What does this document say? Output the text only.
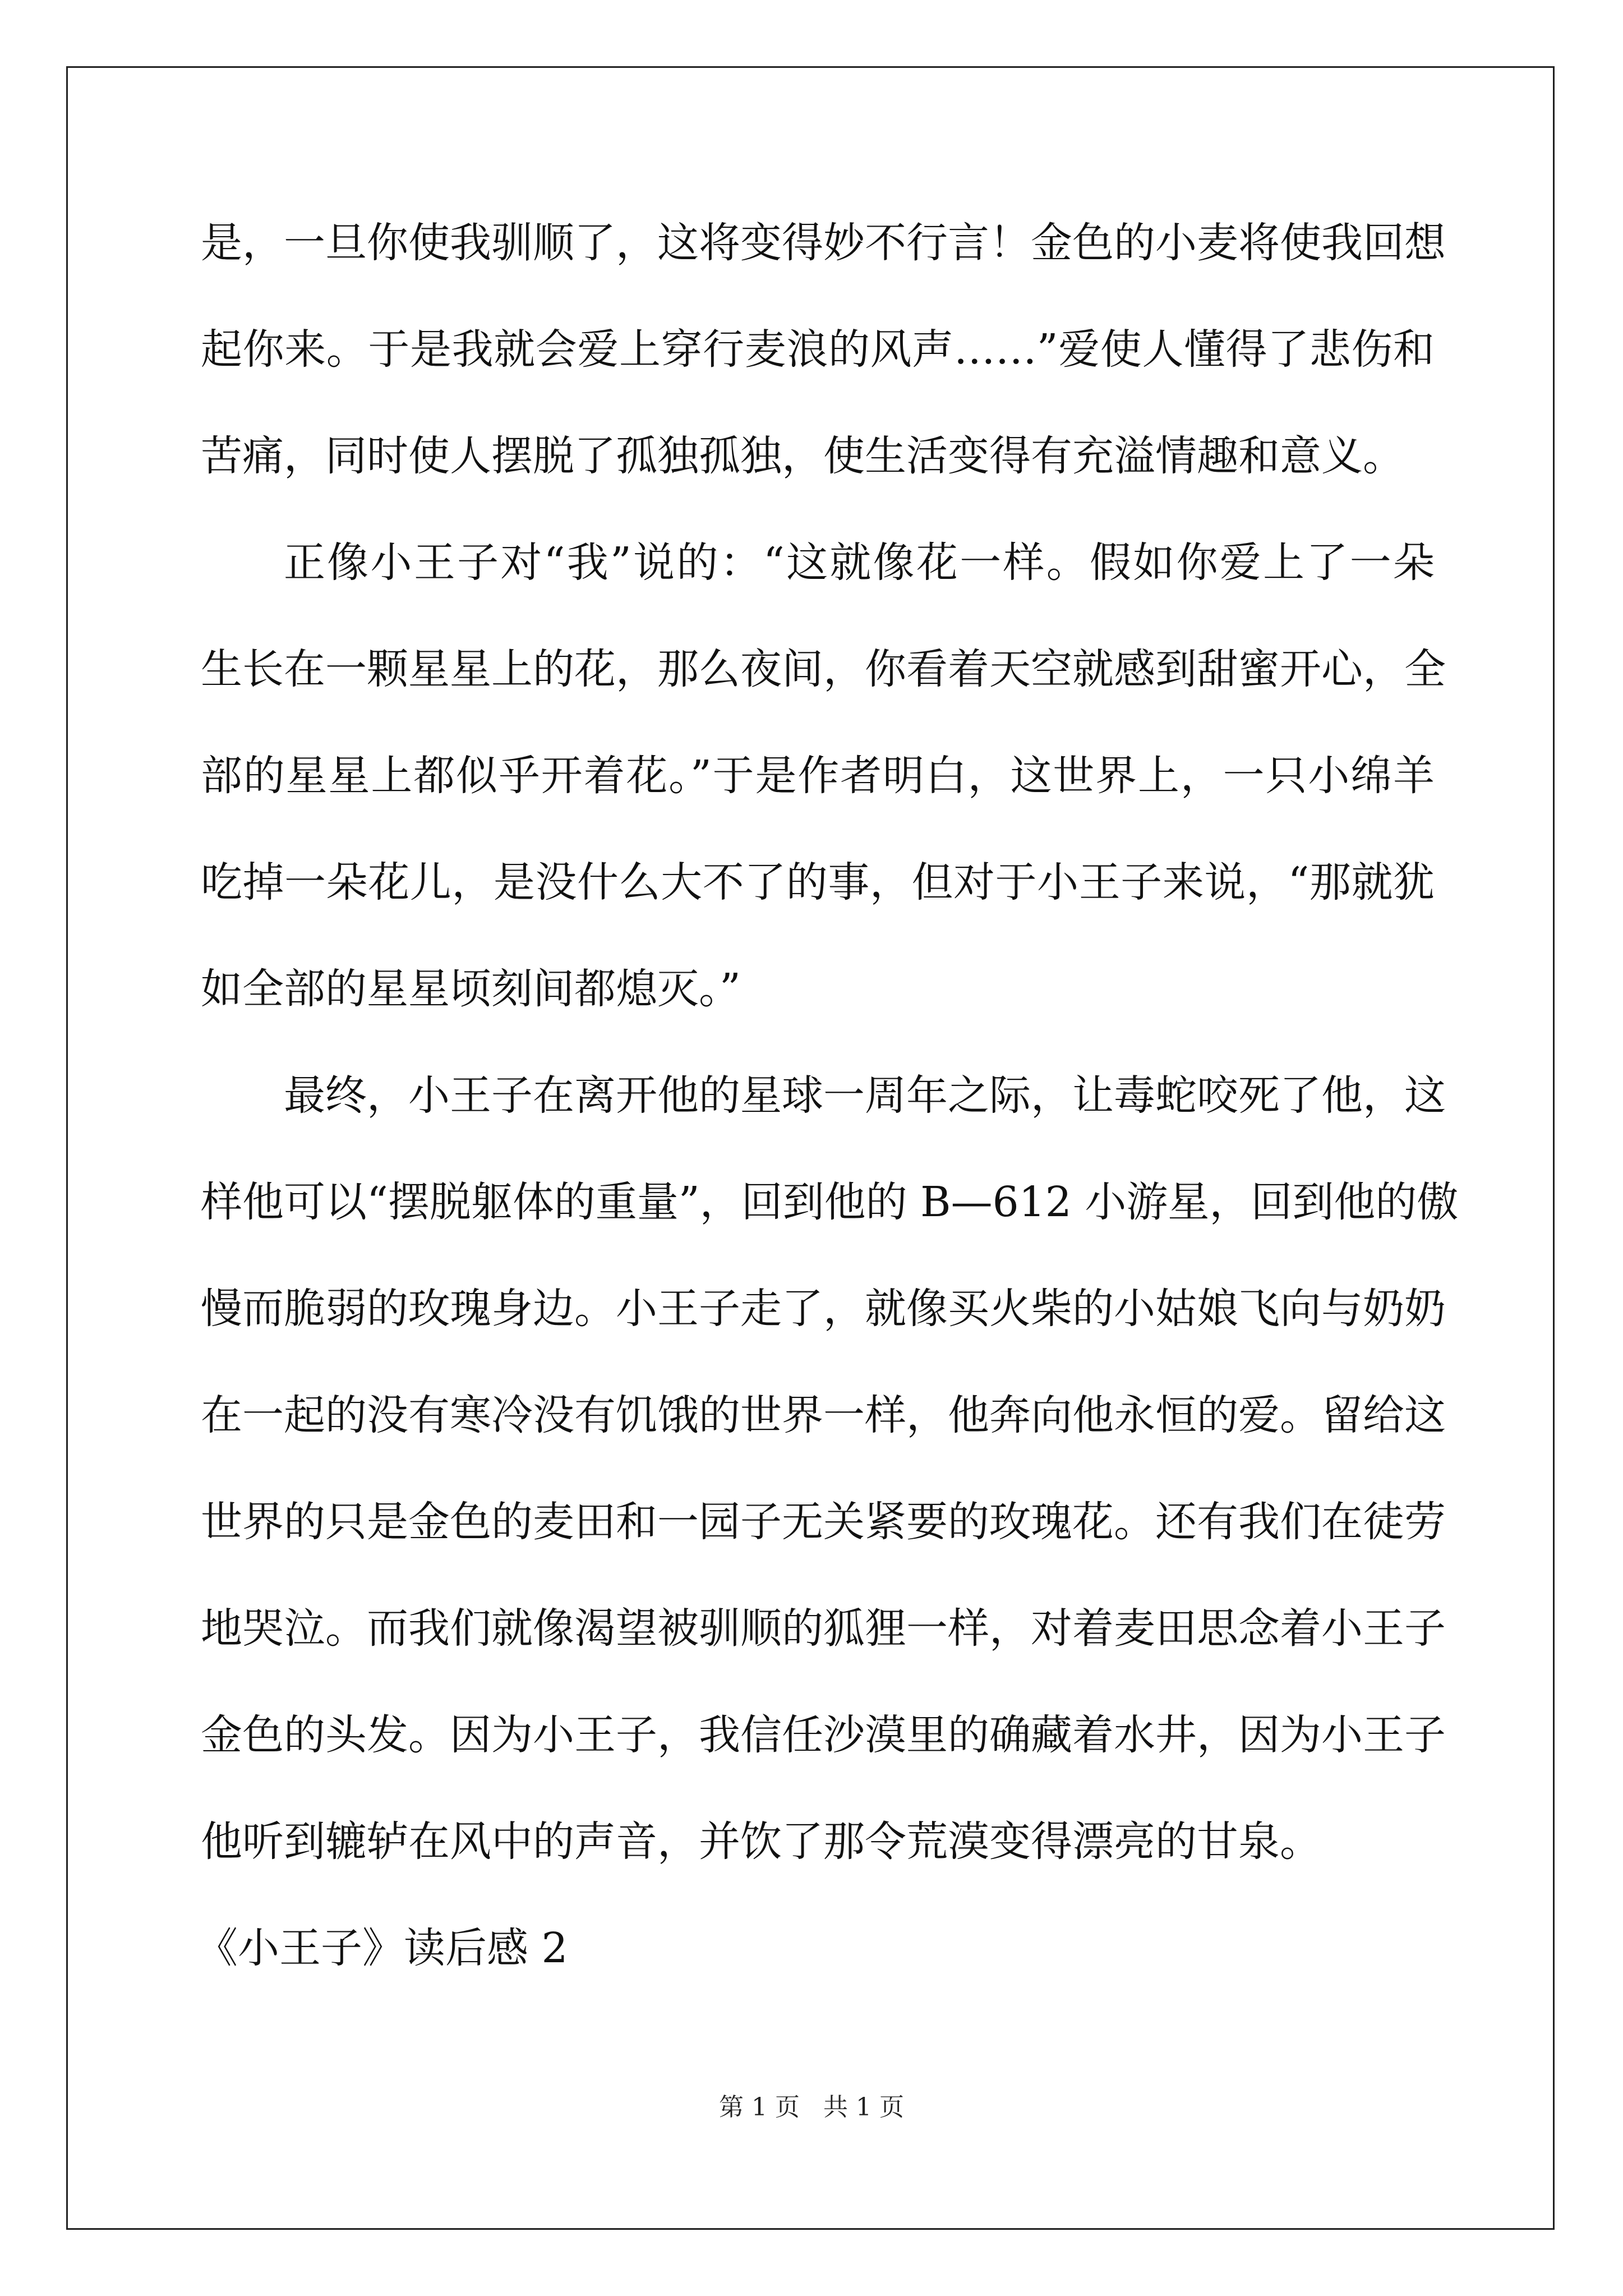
是，一旦你使我驯顺了，这将变得妙不行言！金色的小麦将使我回想
起你来。于是我就会爱上穿行麦浪的风声……”爱使人懂得了悲伤和
苦痛，同时使人摆脱了孤独孤独，使生活变得有充溢情趣和意义。
正像小王子对“我”说的：“这就像花一样。假如你爱上了一朵
生长在一颗星星上的花，那么夜间，你看着天空就感到甜蜜开心，全
部的星星上都似乎开着花。”于是作者明白，这世界上，一只小绵羊
吃掉一朵花儿，是没什么大不了的事，但对于小王子来说，“那就犹
如全部的星星顷刻间都熄灭。”
最终，小王子在离开他的星球一周年之际，让毒蛇咬死了他，这
样他可以“摆脱躯体的重量”，回到他的 B—612 小游星，回到他的傲
慢而脆弱的玫瑰身边。小王子走了，就像买火柴的小姑娘飞向与奶奶
在一起的没有寒冷没有饥饿的世界一样，他奔向他永恒的爱。留给这
世界的只是金色的麦田和一园子无关紧要的玫瑰花。还有我们在徒劳
地哭泣。而我们就像渴望被驯顺的狐狸一样，对着麦田思念着小王子
金色的头发。因为小王子，我信任沙漠里的确藏着水井，因为小王子
他听到辘轳在风中的声音，并饮了那令荒漠变得漂亮的甘泉。
《小王子》读后感 2
第 1 页 共 1 页
